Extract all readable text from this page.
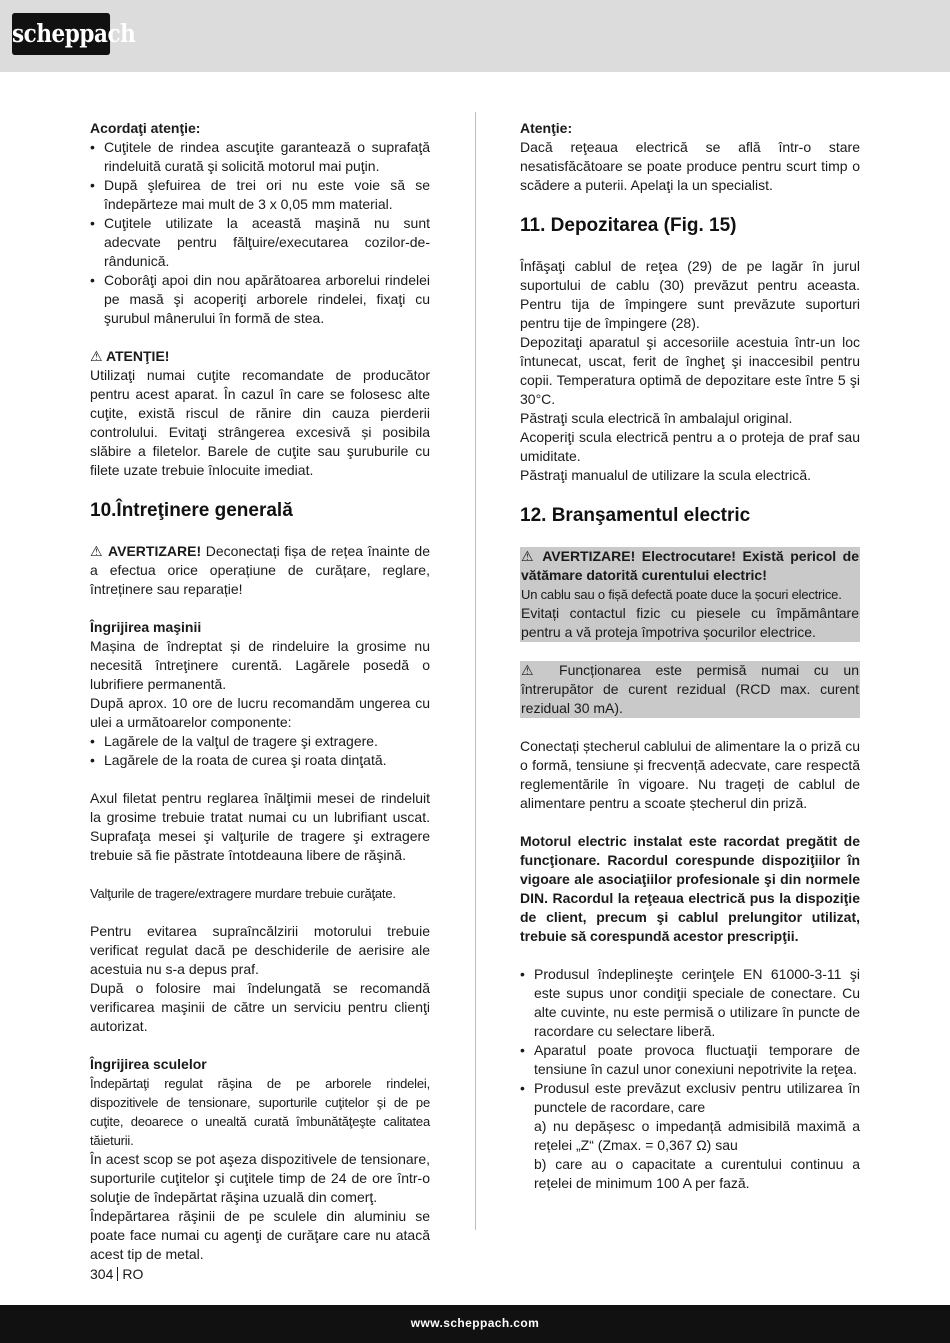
scheppach

Acordaţi atenţie:

• Cuţitele de rindea ascuţite garantează o suprafaţă rindeluită curată şi solicită motorul mai puţin.
• După şlefuirea de trei ori nu este voie să se îndepărteze mai mult de 3 x 0,05 mm material.
• Cuţitele utilizate la această maşină nu sunt adecvate pentru fălţuire/executarea cozilor-de-rândunică.
• Coborâţi apoi din nou apărătoarea arborelui rindelei pe masă şi acoperiţi arborele rindelei, fixaţi cu şurubul mânerului în formă de stea.

⚠ ATENŢIE!

Utilizaţi numai cuţite recomandate de producător pentru acest aparat. În cazul în care se folosesc alte cuţite, există riscul de rănire din cauza pierderii controlului. Evitaţi strângerea excesivă și posibila slăbire a filetelor. Barele de cuţite sau şuruburile cu filete uzate trebuie înlocuite imediat.

10.Întreţinere generală

⚠ AVERTIZARE! Deconectați fișa de rețea înainte de a efectua orice operațiune de curățare, reglare, întreținere sau reparație!

Îngrijirea maşinii

Mașina de îndreptat și de rindeluire la grosime nu necesită întreţinere curentă. Lagărele posedă o lubrifiere permanentă.

După aprox. 10 ore de lucru recomandăm ungerea cu ulei a următoarelor componente:

• Lagărele de la valţul de tragere şi extragere.
• Lagărele de la roata de curea şi roata dinţată.

Axul filetat pentru reglarea înălţimii mesei de rindeluit la grosime trebuie tratat numai cu un lubrifiant uscat. Suprafaţa mesei şi valţurile de tragere şi extragere trebuie să fie păstrate întotdeauna libere de răşină.

Valţurile de tragere/extragere murdare trebuie curăţate.

Pentru evitarea supraîncălzirii motorului trebuie verificat regulat dacă pe deschiderile de aerisire ale acestuia nu s-a depus praf.

După o folosire mai îndelungată se recomandă verificarea maşinii de către un serviciu pentru clienţi autorizat.

Îngrijirea sculelor

Îndepărtaţi regulat răşina de pe arborele rindelei, dispozitivele de tensionare, suporturile cuţitelor şi de pe cuţite, deoarece o unealtă curată îmbunătăţeşte calitatea tăieturii.

În acest scop se pot aşeza dispozitivele de tensionare, suporturile cuţitelor şi cuţitele timp de 24 de ore într-o soluţie de îndepărtat răşina uzuală din comerţ.

Îndepărtarea răşinii de pe sculele din aluminiu se poate face numai cu agenţi de curăţare care nu atacă acest tip de metal.

Atenţie:

Dacă reţeaua electrică se află într-o stare nesatisfăcătoare se poate produce pentru scurt timp o scădere a puterii. Apelaţi la un specialist.

11. Depozitarea (Fig. 15)

Înfăşaţi cablul de reţea (29) de pe lagăr în jurul suportului de cablu (30) prevăzut pentru aceasta. Pentru tija de împingere sunt prevăzute suporturi pentru tije de împingere (28).

Depozitaţi aparatul şi accesoriile acestuia într-un loc întunecat, uscat, ferit de îngheţ şi inaccesibil pentru copii. Temperatura optimă de depozitare este între 5 şi 30°C.

Păstraţi scula electrică în ambalajul original.

Acoperiţi scula electrică pentru a o proteja de praf sau umiditate.

Păstraţi manualul de utilizare la scula electrică.

12. Branşamentul electric

⚠ AVERTIZARE! Electrocutare! Există pericol de vătămare datorită curentului electric!

Un cablu sau o fișă defectă poate duce la șocuri electrice.

Evitați contactul fizic cu piesele cu împământare pentru a vă proteja împotriva șocurilor electrice.

⚠ Funcționarea este permisă numai cu un întrerupător de curent rezidual (RCD max. curent rezidual 30 mA).

Conectați ștecherul cablului de alimentare la o priză cu o formă, tensiune și frecvență adecvate, care respectă reglementările în vigoare. Nu trageți de cablul de alimentare pentru a scoate ștecherul din priză.

Motorul electric instalat este racordat pregătit de funcţionare. Racordul corespunde dispoziţiilor în vigoare ale asociaţiilor profesionale şi din normele DIN. Racordul la reţeaua electrică pus la dispoziţie de client, precum şi cablul prelungitor utilizat, trebuie să corespundă acestor prescripţii.

• Produsul îndeplineşte cerinţele EN 61000-3-11 şi este supus unor condiţii speciale de conectare. Cu alte cuvinte, nu este permisă o utilizare în puncte de racordare cu selectare liberă.
• Aparatul poate provoca fluctuaţii temporare de tensiune în cazul unor conexiuni nepotrivite la reţea.
• Produsul este prevăzut exclusiv pentru utilizarea în punctele de racordare, care
a) nu depășesc o impedanță admisibilă maximă a rețelei „Z“ (Zmax. = 0,367 Ω) sau
b) care au o capacitate a curentului continuu a rețelei de minimum 100 A per fază.
304 RO
www.scheppach.com
